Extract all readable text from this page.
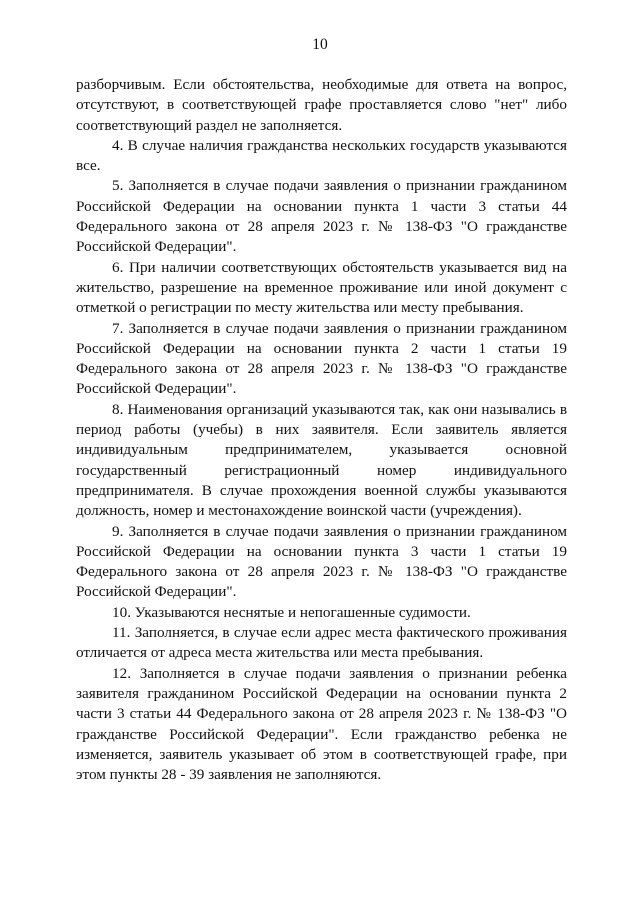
10

разборчивым. Если обстоятельства, необходимые для ответа на вопрос, отсутствуют, в соответствующей графе проставляется слово "нет" либо соответствующий раздел не заполняется.

4. В случае наличия гражданства нескольких государств указываются все.

5. Заполняется в случае подачи заявления о признании гражданином Российской Федерации на основании пункта 1 части 3 статьи 44 Федерального закона от 28 апреля 2023 г. № 138-ФЗ "О гражданстве Российской Федерации".

6. При наличии соответствующих обстоятельств указывается вид на жительство, разрешение на временное проживание или иной документ с отметкой о регистрации по месту жительства или месту пребывания.

7. Заполняется в случае подачи заявления о признании гражданином Российской Федерации на основании пункта 2 части 1 статьи 19 Федерального закона от 28 апреля 2023 г. № 138-ФЗ "О гражданстве Российской Федерации".

8. Наименования организаций указываются так, как они назывались в период работы (учебы) в них заявителя. Если заявитель является индивидуальным предпринимателем, указывается основной государственный регистрационный номер индивидуального предпринимателя. В случае прохождения военной службы указываются должность, номер и местонахождение воинской части (учреждения).

9. Заполняется в случае подачи заявления о признании гражданином Российской Федерации на основании пункта 3 части 1 статьи 19 Федерального закона от 28 апреля 2023 г. № 138-ФЗ "О гражданстве Российской Федерации".

10. Указываются неснятые и непогашенные судимости.

11. Заполняется, в случае если адрес места фактического проживания отличается от адреса места жительства или места пребывания.

12. Заполняется в случае подачи заявления о признании ребенка заявителя гражданином Российской Федерации на основании пункта 2 части 3 статьи 44 Федерального закона от 28 апреля 2023 г. № 138-ФЗ "О гражданстве Российской Федерации". Если гражданство ребенка не изменяется, заявитель указывает об этом в соответствующей графе, при этом пункты 28 - 39 заявления не заполняются.
